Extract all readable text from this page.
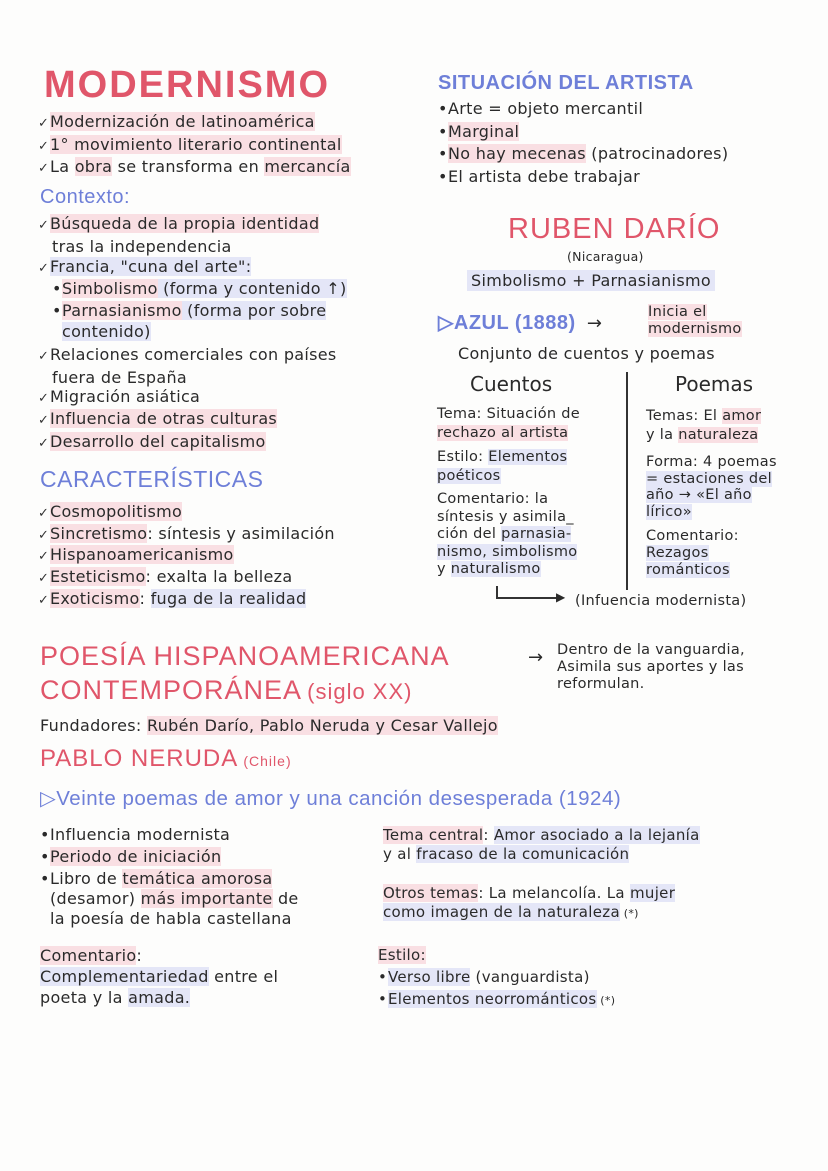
MODERNISMO
✓Modernización de latinoamérica
✓1° movimiento literario continental
✓La obra se transforma en mercancía
Contexto:
✓Búsqueda de la propia identidad
tras la independencia
✓Francia, "cuna del arte":
•Simbolismo (forma y contenido ↑)
•Parnasianismo (forma por sobre
contenido)
✓Relaciones comerciales con países
fuera de España
✓Migración asiática
✓Influencia de otras culturas
✓Desarrollo del capitalismo
CARACTERÍSTICAS
✓Cosmopolitismo
✓Sincretismo: síntesis y asimilación
✓Hispanoamericanismo
✓Esteticismo: exalta la belleza
✓Exoticismo: fuga de la realidad
SITUACIÓN DEL ARTISTA
•Arte = objeto mercantil
•Marginal
•No hay mecenas (patrocinadores)
•El artista debe trabajar
RUBEN DARÍO
(Nicaragua)
Simbolismo + Parnasianismo
▷AZUL (1888) →
Inicia el
modernismo
Conjunto de cuentos y poemas
Cuentos
Tema: Situación de
rechazo al artista
Estilo: Elementos
poéticos
Comentario: la
síntesis y asimila_
ción del parnasia-
nismo, simbolismo
y naturalismo
Poemas
Temas: El amor
y la naturaleza
Forma: 4 poemas
= estaciones del
año → «El año
lírico»
Comentario:
Rezagos
románticos
▶ (Infuencia modernista)
POESÍA HISPANOAMERICANA
CONTEMPORÁNEA (siglo XX)
→ Dentro de la vanguardia,
Asimila sus aportes y las
reformulan.
Fundadores: Rubén Darío, Pablo Neruda y Cesar Vallejo
PABLO NERUDA (Chile)
▷Veinte poemas de amor y una canción desesperada (1924)
•Influencia modernista
•Periodo de iniciación
•Libro de temática amorosa
(desamor) más importante de
la poesía de habla castellana
Comentario:
Complementariedad entre el
poeta y la amada.
Tema central: Amor asociado a la lejanía
y al fracaso de la comunicación
Otros temas: La melancolía. La mujer
como imagen de la naturaleza (*)
Estilo:
•Verso libre (vanguardista)
•Elementos neorrománticos (*)
